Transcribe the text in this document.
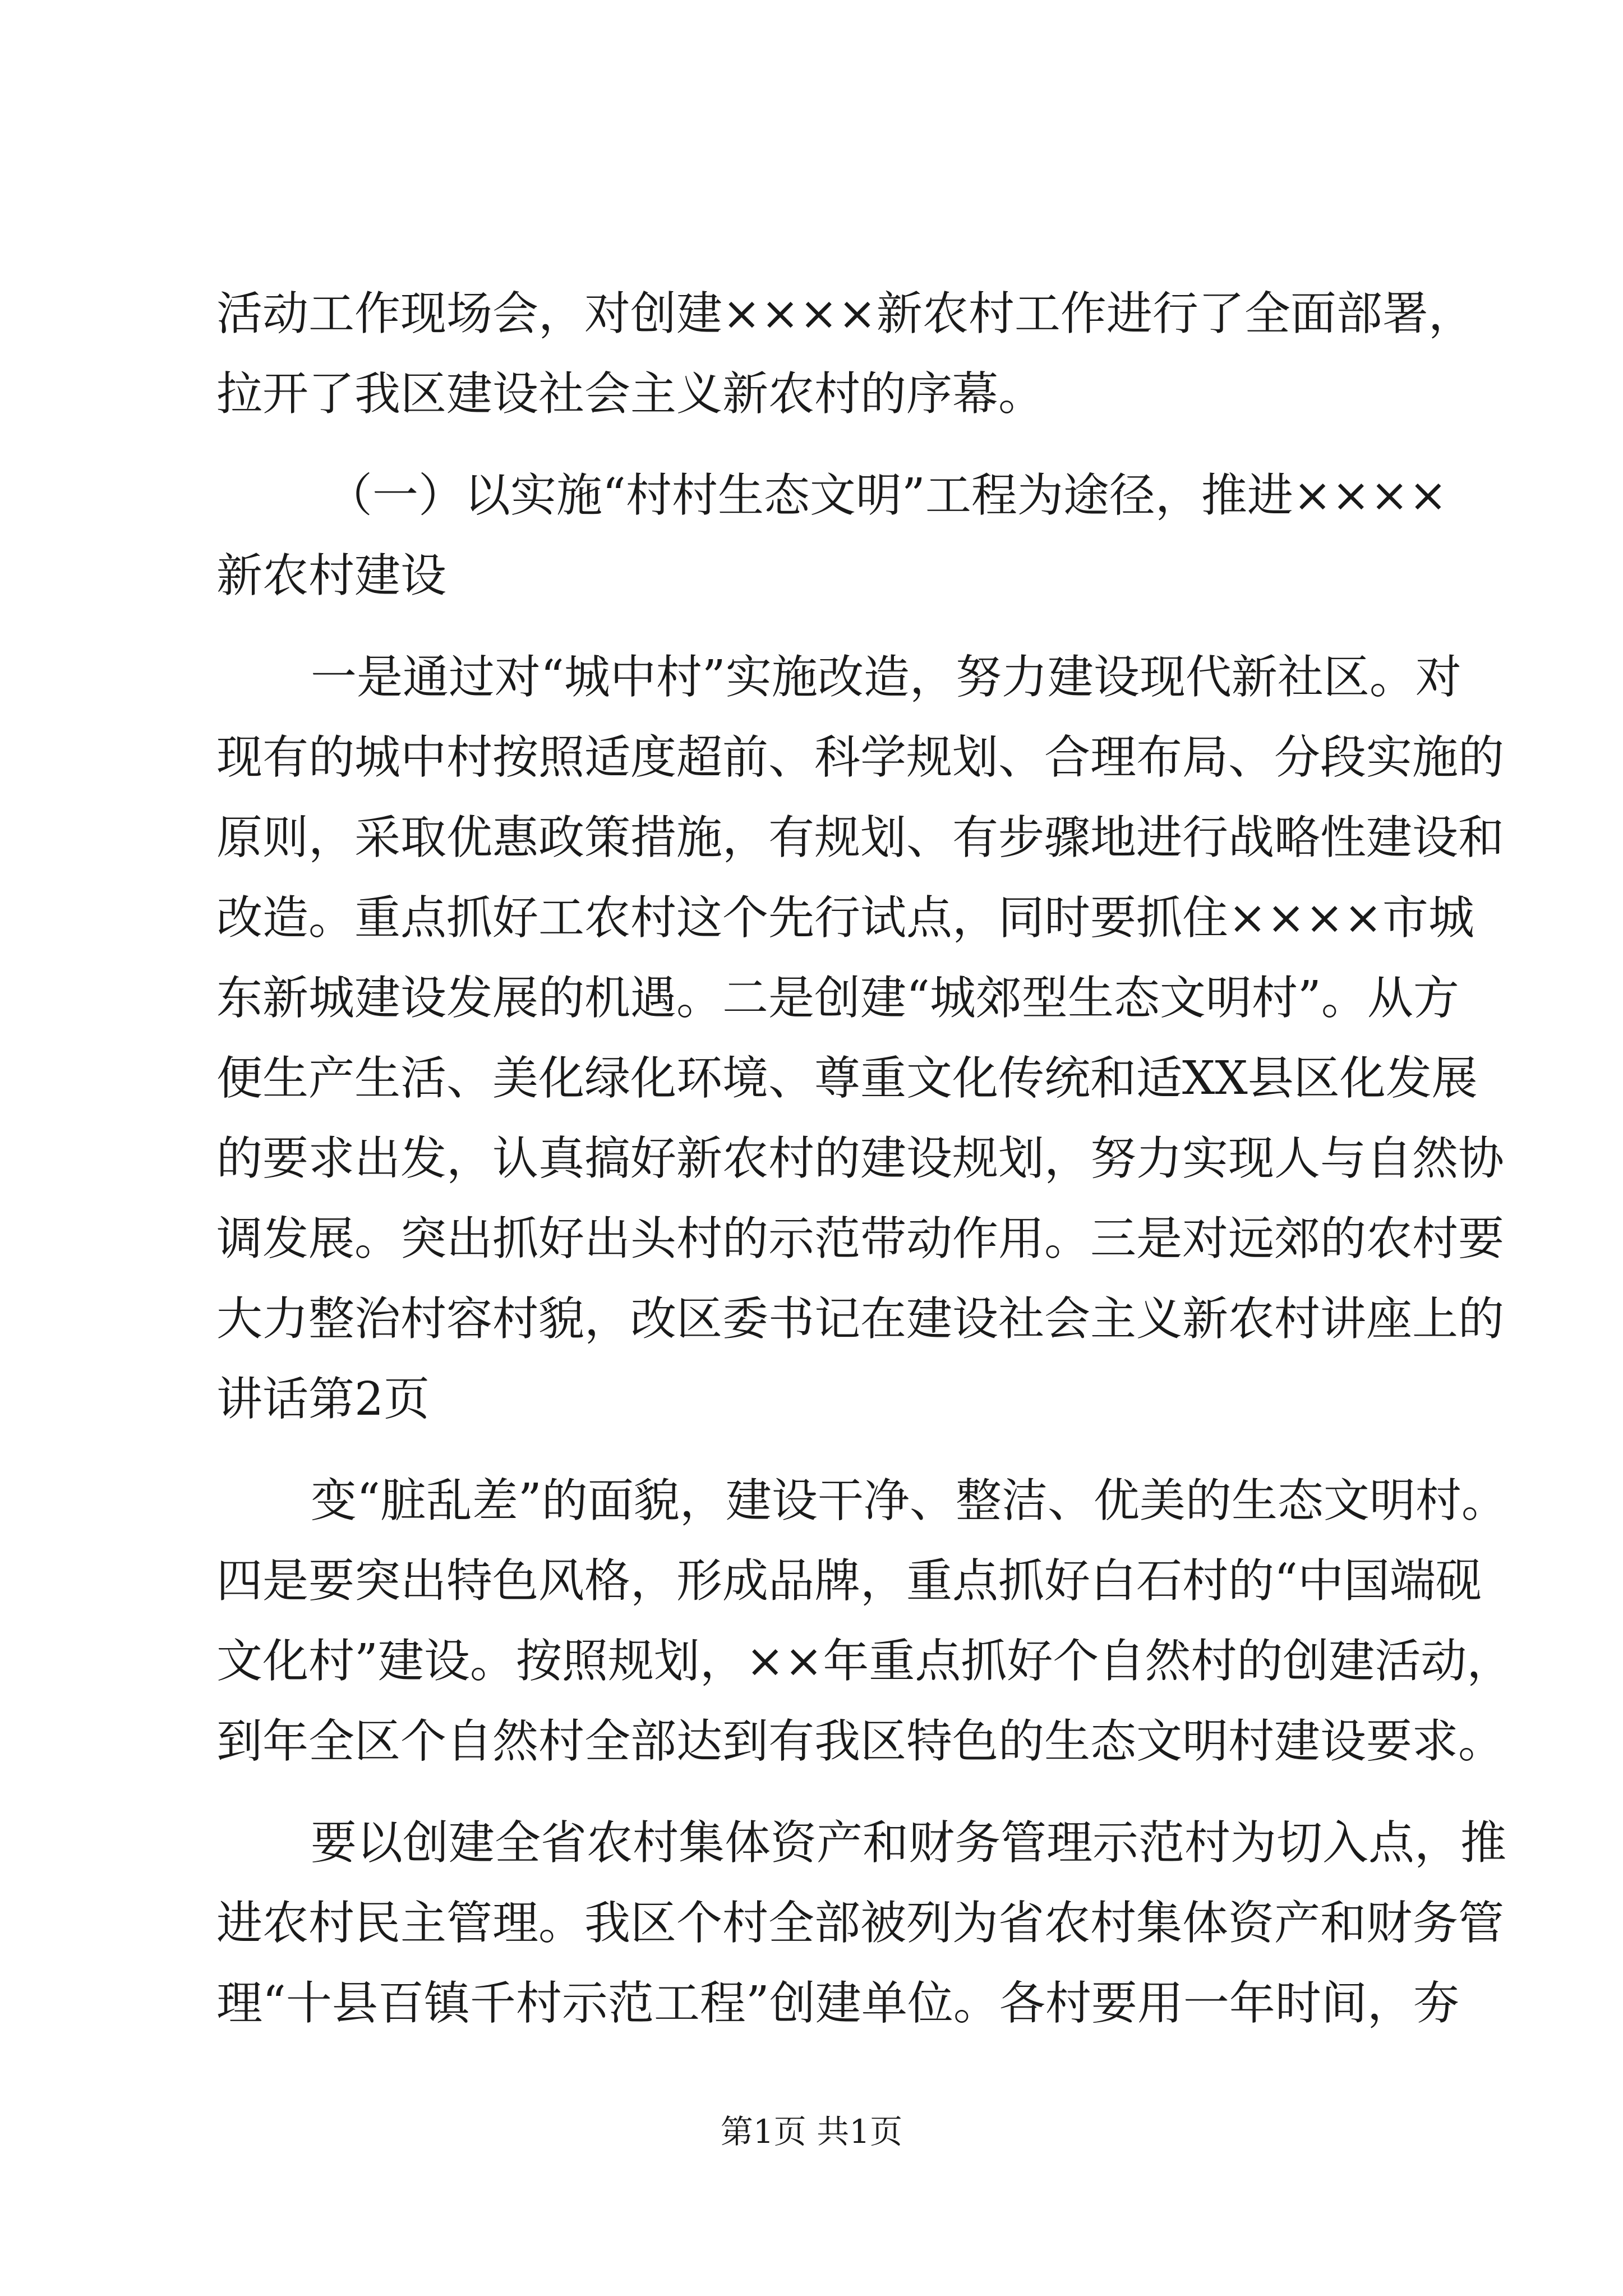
活动工作现场会，对创建××××新农村工作进行了全面部署，
拉开了我区建设社会主义新农村的序幕。
（一）以实施“村村生态文明”工程为途径，推进××××
新农村建设
一是通过对“城中村”实施改造，努力建设现代新社区。对
现有的城中村按照适度超前、科学规划、合理布局、分段实施的
原则，采取优惠政策措施，有规划、有步骤地进行战略性建设和
改造。重点抓好工农村这个先行试点，同时要抓住××××市城
东新城建设发展的机遇。二是创建“城郊型生态文明村”。从方
便生产生活、美化绿化环境、尊重文化传统和适XX县区化发展
的要求出发，认真搞好新农村的建设规划，努力实现人与自然协
调发展。突出抓好出头村的示范带动作用。三是对远郊的农村要
大力整治村容村貌，改区委书记在建设社会主义新农村讲座上的
讲话第2页
变“脏乱差”的面貌，建设干净、整洁、优美的生态文明村。
四是要突出特色风格，形成品牌，重点抓好白石村的“中国端砚
文化村”建设。按照规划，××年重点抓好个自然村的创建活动，
到年全区个自然村全部达到有我区特色的生态文明村建设要求。
要以创建全省农村集体资产和财务管理示范村为切入点，推
进农村民主管理。我区个村全部被列为省农村集体资产和财务管
理“十县百镇千村示范工程”创建单位。各村要用一年时间，夯
第1页 共1页
